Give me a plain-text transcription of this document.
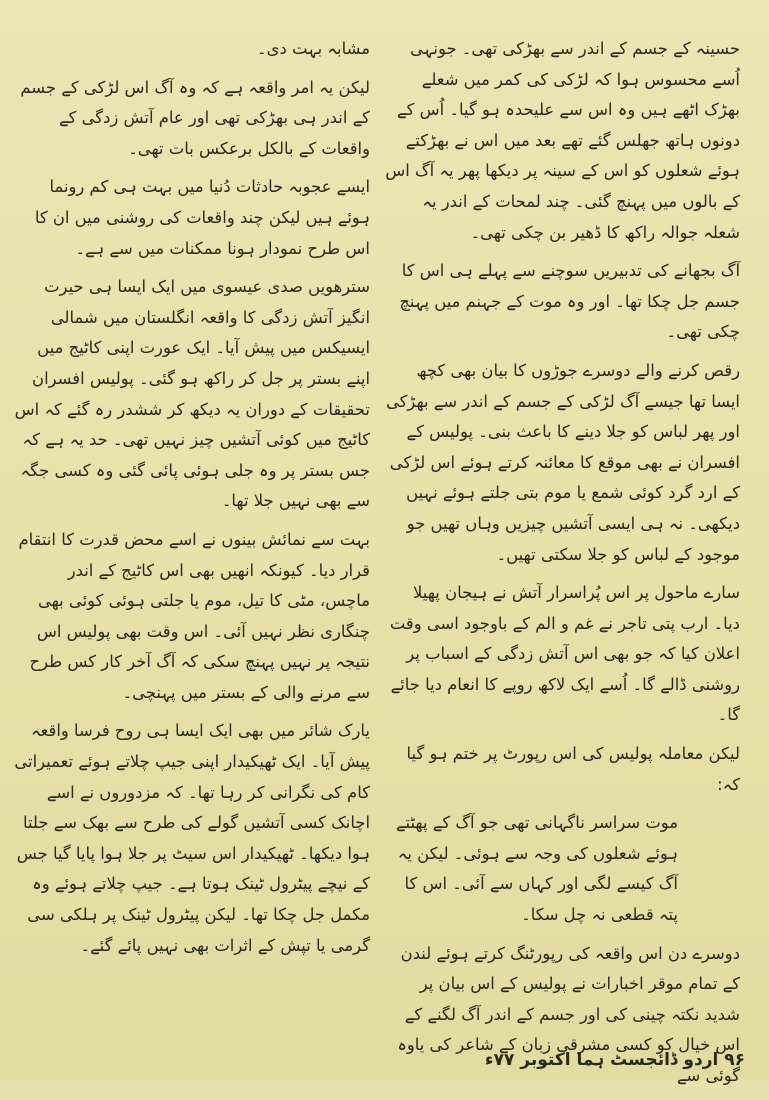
حسینہ کے جسم کے اندر سے بھڑکی تھی۔ جونہی اُسے محسوس ہوا کہ لڑکی کی کمر میں شعلے بھڑک اٹھے ہیں وہ اس سے علیحدہ ہو گیا۔ اُس کے دونوں ہاتھ جھلس گئے تھے بعد میں اس نے بھڑکتے ہوئے شعلوں کو اس کے سینہ پر دیکھا پھر یہ آگ اس کے بالوں میں پہنچ گئی۔ چند لمحات کے اندر یہ شعلہ جوالہ راکھ کا ڈھیر بن چکی تھی۔

آگ بجھانے کی تدبیریں سوچنے سے پہلے ہی اس کا جسم جل چکا تھا۔ اور وہ موت کے جہنم میں پہنچ چکی تھی۔

رقص کرنے والے دوسرے جوڑوں کا بیان بھی کچھ ایسا تھا جیسے آگ لڑکی کے جسم کے اندر سے بھڑکی اور پھر لباس کو جلا دینے کا باعث بنی۔ پولیس کے افسران نے بھی موقع کا معائنہ کرتے ہوئے اس لڑکی کے ارد گرد کوئی شمع یا موم بتی جلتے ہوئے نہیں دیکھی۔ نہ ہی ایسی آتشیں چیزیں وہاں تھیں جو موجود کے لباس کو جلا سکتی تھیں۔

سارے ماحول پر اس پُراسرار آتش نے ہیجان پھیلا دیا۔ ارب پتی تاجر نے غم و الم کے باوجود اسی وقت اعلان کیا کہ جو بھی اس آتش زدگی کے اسباب پر روشنی ڈالے گا۔ اُسے ایک لاکھ روپے کا انعام دیا جائے گا۔

لیکن معاملہ پولیس کی اس رپورٹ پر ختم ہو گیا کہ:

موت سراسر ناگہانی تھی جو آگ کے پھٹتے ہوئے شعلوں کی وجہ سے ہوئی۔ لیکن یہ آگ کیسے لگی اور کہاں سے آئی۔ اس کا پتہ قطعی نہ چل سکا۔

دوسرے دن اس واقعہ کی رپورٹنگ کرتے ہوئے لندن کے تمام موقر اخبارات نے پولیس کے اس بیان پر شدید نکتہ چینی کی اور جسم کے اندر آگ لگنے کے اس خیال کو کسی مشرقی زبان کے شاعر کی یاوہ گوئی سے

مشابہ بہت دی۔

لیکن یہ امر واقعہ ہے کہ وہ آگ اس لڑکی کے جسم کے اندر ہی بھڑکی تھی اور عام آتش زدگی کے واقعات کے بالکل برعکس بات تھی۔

ایسے عجوبہ حادثات دُنیا میں بہت ہی کم رونما ہوئے ہیں لیکن چند واقعات کی روشنی میں ان کا اس طرح نمودار ہونا ممکنات میں سے ہے۔

سترھویں صدی عیسوی میں ایک ایسا ہی حیرت انگیز آتش زدگی کا واقعہ انگلستان میں شمالی ایسیکس میں پیش آیا۔ ایک عورت اپنی کاٹیج میں اپنے بستر پر جل کر راکھ ہو گئی۔ پولیس افسران تحقیقات کے دوران یہ دیکھ کر ششدر رہ گئے کہ اس کاٹیج میں کوئی آتشیں چیز نہیں تھی۔ حد یہ ہے کہ جس بستر پر وہ جلی ہوئی پائی گئی وہ کسی جگہ سے بھی نہیں جلا تھا۔

بہت سے نمائش بینوں نے اسے محض قدرت کا انتقام قرار دیا۔ کیونکہ انھیں بھی اس کاٹیج کے اندر ماچس، مٹی کا تیل، موم یا جلتی ہوئی کوئی بھی چنگاری نظر نہیں آئی۔ اس وقت بھی پولیس اس نتیجہ پر نہیں پہنچ سکی کہ آگ آخر کار کس طرح سے مرنے والی کے بستر میں پہنچی۔

یارک شائر میں بھی ایک ایسا ہی روح فرسا واقعہ پیش آیا۔ ایک ٹھیکیدار اپنی جیپ چلاتے ہوئے تعمیراتی کام کی نگرانی کر رہا تھا۔ کہ مزدوروں نے اسے اچانک کسی آتشیں گولے کی طرح سے بھک سے جلتا ہوا دیکھا۔ ٹھیکیدار اس سیٹ پر جلا ہوا پایا گیا جس کے نیچے پیٹرول ٹینک ہوتا ہے۔ جیپ چلاتے ہوئے وہ مکمل جل چکا تھا۔ لیکن پیٹرول ٹینک پر ہلکی سی گرمی یا تپش کے اثرات بھی نہیں پائے گئے۔

۹۶ اردو ڈائجسٹ ہما اکتوبر ۷۷ء
